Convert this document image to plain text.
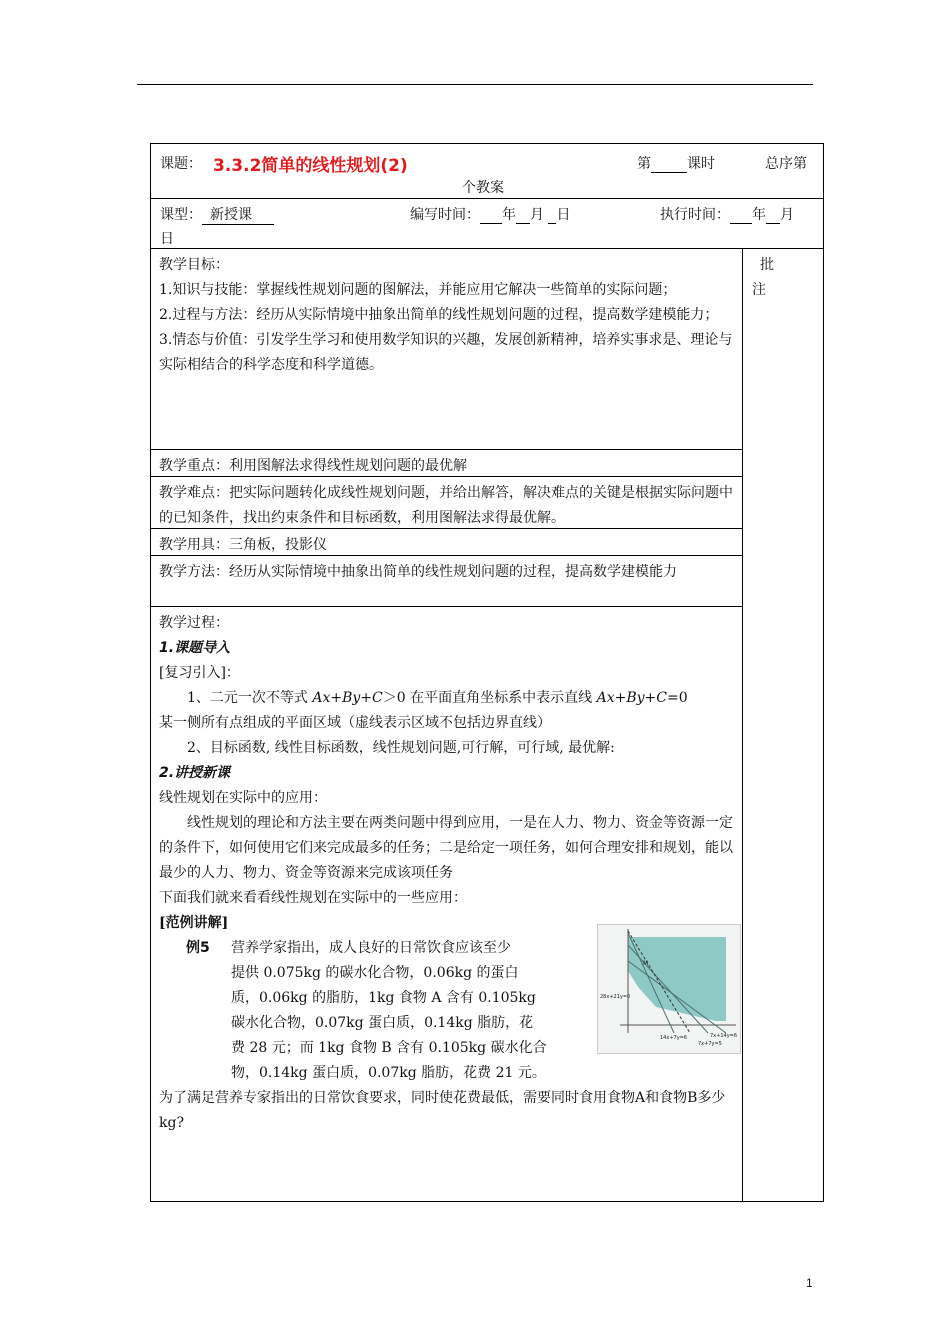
课题： 3.3.2简单的线性规划(2)	第	课时	总序第
个教案
课型： 新授课	编写时间： 年 月 日	执行时间： 年 月
日
批
注

教学目标：

1.知识与技能：掌握线性规划问题的图解法，并能应用它解决一些简单的实际问题；

2.过程与方法：经历从实际情境中抽象出简单的线性规划问题的过程，提高数学建模能力；

3.情态与价值：引发学生学习和使用数学知识的兴趣，发展创新精神，培养实事求是、理论与实际相结合的科学态度和科学道德。

教学重点：利用图解法求得线性规划问题的最优解

教学难点：把实际问题转化成线性规划问题，并给出解答，解决难点的关键是根据实际问题中的已知条件，找出约束条件和目标函数，利用图解法求得最优解。

教学用具：三角板，投影仪

教学方法：经历从实际情境中抽象出简单的线性规划问题的过程，提高数学建模能力

教学过程：

1.课题导入

[复习引入]：

1、二元一次不等式 Ax+By+C＞0 在平面直角坐标系中表示直线 Ax+By+C=0

某一侧所有点组成的平面区域（虚线表示区域不包括边界直线）

2、目标函数, 线性目标函数，线性规划问题,可行解，可行域, 最优解:

2.讲授新课

线性规划在实际中的应用：

线性规划的理论和方法主要在两类问题中得到应用，一是在人力、物力、资金等资源一定的条件下，如何使用它们来完成最多的任务；二是给定一项任务，如何合理安排和规划，能以最少的人力、物力、资金等资源来完成该项任务

下面我们就来看看线性规划在实际中的一些应用：

[范例讲解]

例5 营养学家指出，成人良好的日常饮食应该至少

提供 0.075kg 的碳水化合物，0.06kg 的蛋白

质，0.06kg 的脂肪，1kg 食物 A 含有 0.105kg

碳水化合物，0.07kg 蛋白质，0.14kg 脂肪，花

费 28 元；而 1kg 食物 B 含有 0.105kg 碳水化合

物，0.14kg 蛋白质，0.07kg 脂肪，花费 21 元。

为了满足营养专家指出的日常饮食要求，同时使花费最低，需要同时食用食物A和食物B多少kg?

M
28x+21y=0
14x+7y=6
7x+7y=5
7x+14y=6
1
